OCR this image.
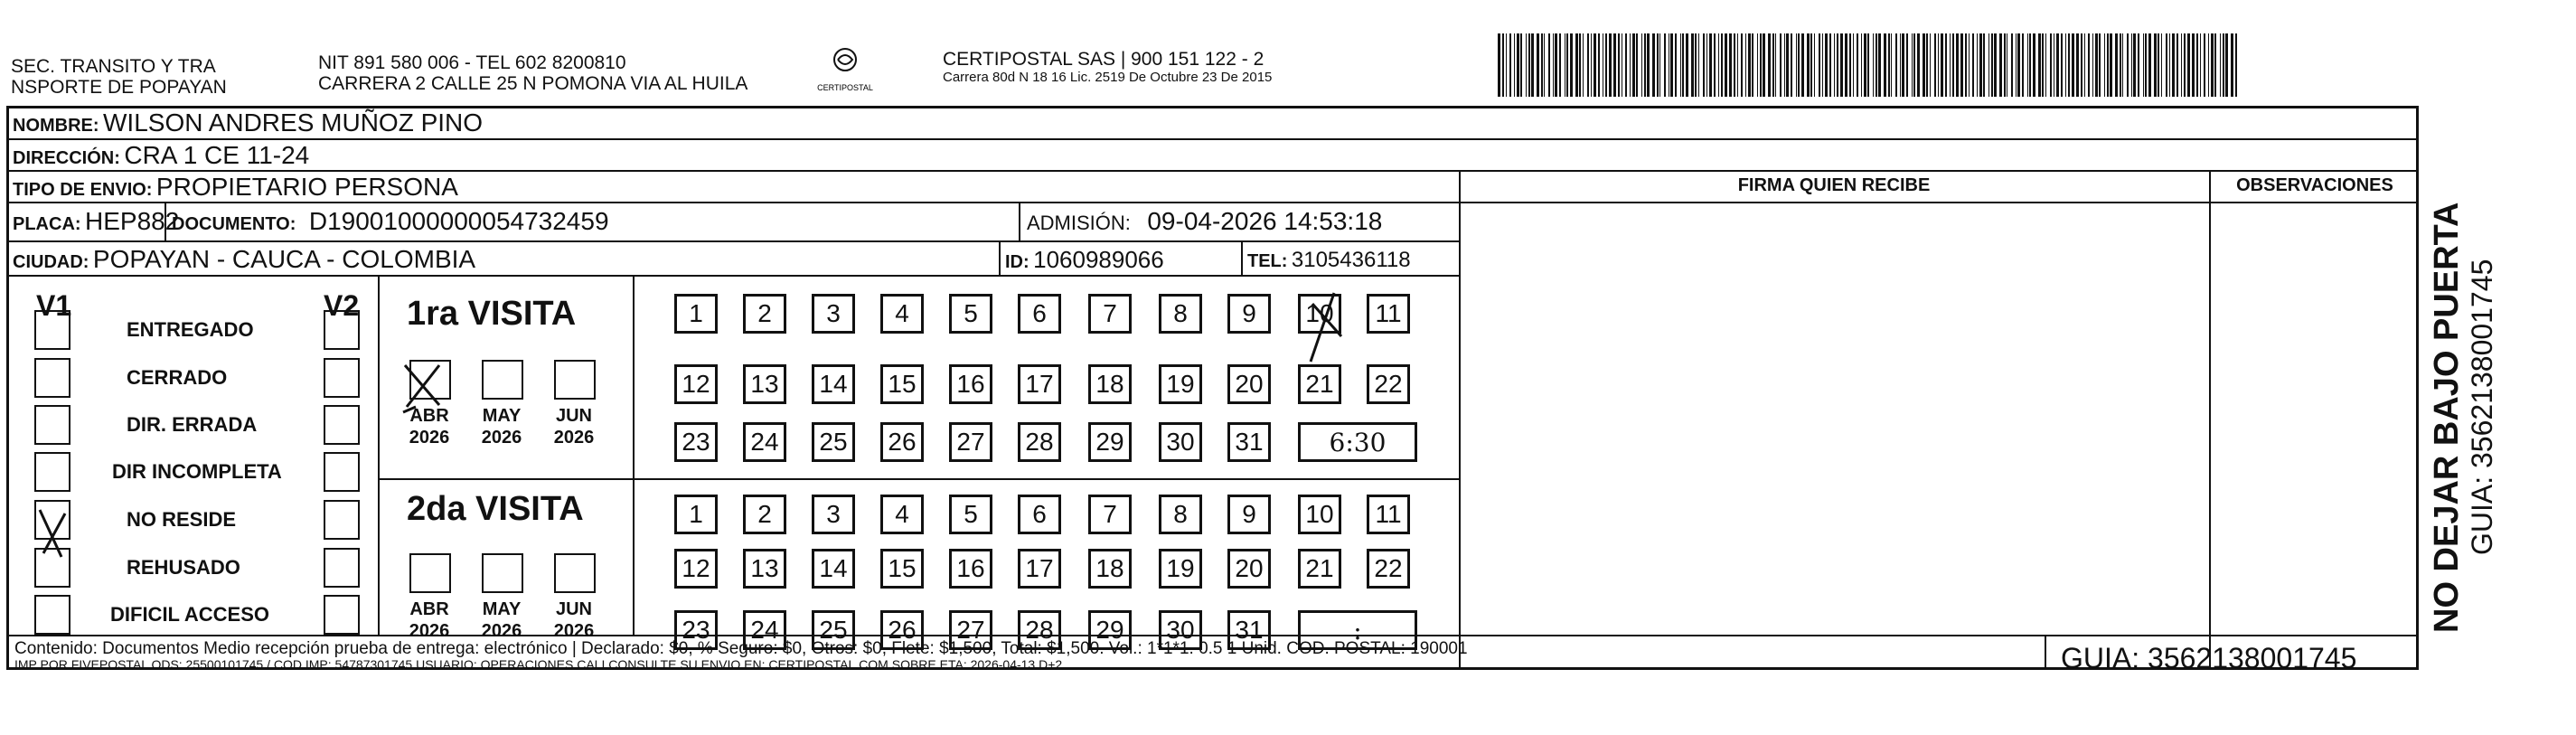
SEC. TRANSITO Y TRA
NSPORTE DE POPAYAN
NIT 891 580 006 - TEL 602 8200810
CARRERA 2 CALLE 25 N POMONA VIA AL HUILA	CERTIPOSTAL
CERTIPOSTAL SAS | 900 151 122 - 2
Carrera 80d N 18 16 Lic. 2519 De Octubre 23 De 2015
NOMBRE: WILSON ANDRES MUÑOZ PINO
DIRECCIÓN: CRA 1 CE 11-24
TIPO DE ENVIO: PROPIETARIO PERSONA
PLACA: HEP882
DOCUMENTO: D19001000000054732459	ADMISIÓN: 09-04-2026 14:53:18
CIUDAD: POPAYAN - CAUCA - COLOMBIA	ID: 1060989066	TEL: 3105436118
FIRMA QUIEN RECIBE	OBSERVACIONES
V1	V2
ENTREGADO
CERRADO
DIR. ERRADA
DIR INCOMPLETA
NO RESIDE
REHUSADO
DIFICIL ACCESO
1ra VISITA
ABR
2026
MAY
2026
JUN
2026
1	2	3	4	5	6	7	8	9	10	11
12	13	14	15	16	17	18	19	20	21	22
23	24	25	26	27	28	29	30	31	6:30
2da VISITA
ABR
2026
MAY
2026
JUN
2026
1	2	3	4	5	6	7	8	9	10	11
12	13	14	15	16	17	18	19	20	21	22
23	24	25	26	27	28	29	30	31	:
Contenido: Documentos Medio recepción prueba de entrega: electrónico | Declarado: $0, % Seguro: $0, Otros: $0, Flete: $1,500, Total: $1,500. Vol.: 1*1*1. 0.5 1 Unid. COD. POSTAL: 190001
IMP POR FIVEPOSTAL ODS: 25500101745 / COD.IMP: 54787301745 USUARIO: OPERACIONES.CALI CONSULTE SU ENVIO EN: CERTIPOSTAL.COM SOBRE ETA: 2026-04-13 D+2	GUIA: 3562138001745
NO DEJAR BAJO PUERTA GUIA: 3562138001745
